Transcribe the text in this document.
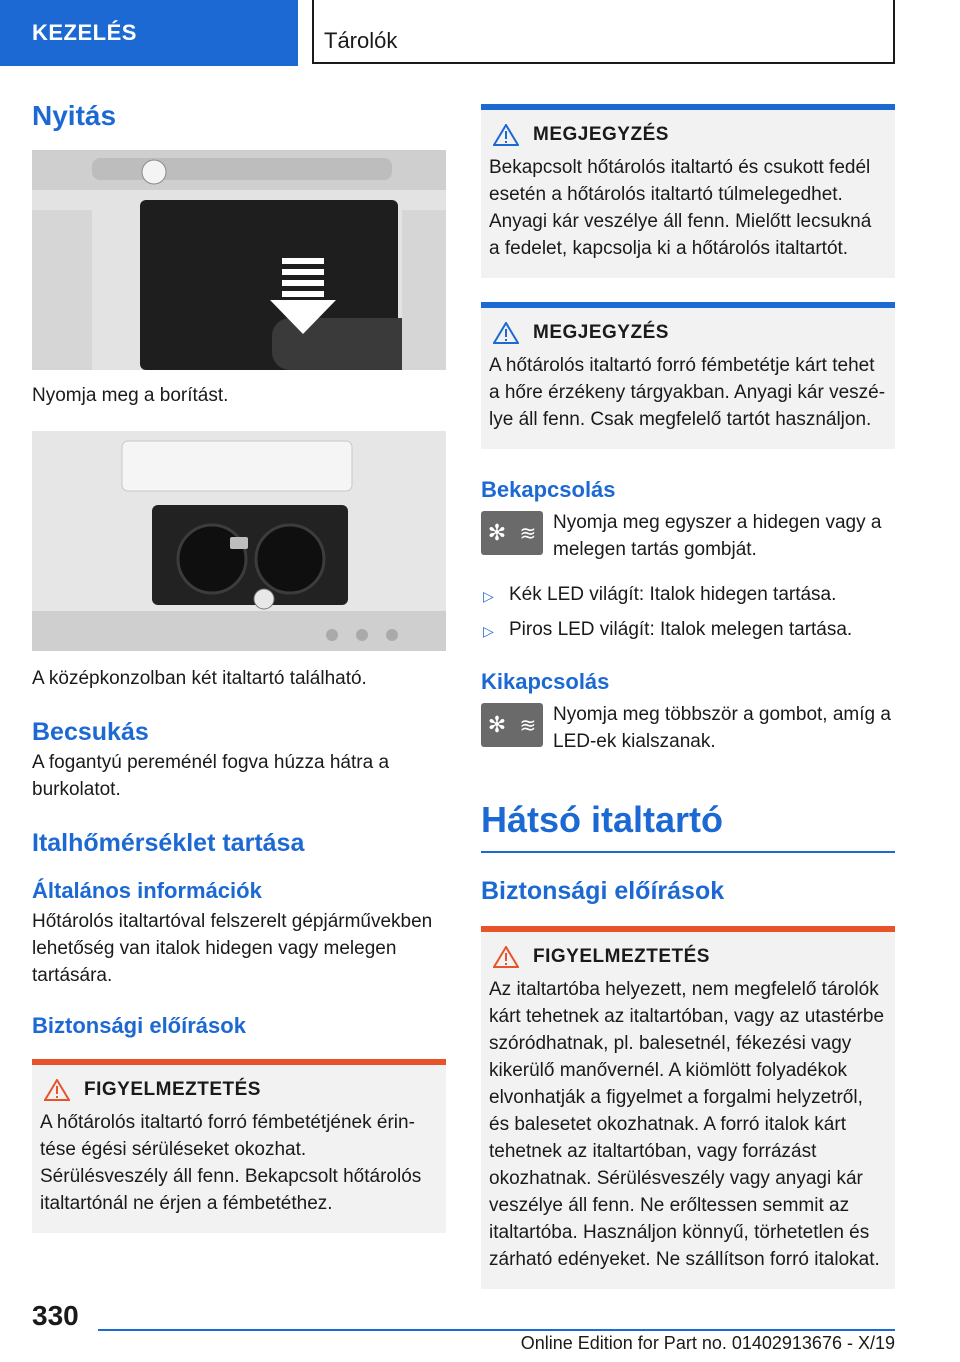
KEZELÉS	Tárolók
Nyitás

Nyomja meg a borítást.

A középkonzolban két italtartó található.

Becsukás

A fogantyú pereménél fogva húzza hátra a burkolatot.

Italhőmérséklet tartása
Általános információk

Hőtárolós italtartóval felszerelt gépjárművekben lehetőség van italok hidegen vagy melegen tartására.

Biztonsági előírások
FIGYELMEZTETÉS

A hőtárolós italtartó forró fémbetétjének érintése égési sérüléseket okozhat. Sérülésveszély áll fenn. Bekapcsolt hőtárolós italtartónál ne érjen a fémbetéthez.

MEGJEGYZÉS

Bekapcsolt hőtárolós italtartó és csukott fedél esetén a hőtárolós italtartó túlmelegedhet. Anyagi kár veszélye áll fenn. Mielőtt lecsukná a fedelet, kapcsolja ki a hőtárolós italtartót.

MEGJEGYZÉS

A hőtárolós italtartó forró fémbetétje kárt tehet a hőre érzékeny tárgyakban. Anyagi kár veszélye áll fenn. Csak megfelelő tartót használjon.

Bekapcsolás
✻ ≋ Nyomja meg egyszer a hidegen vagy a melegen tartás gombját.

▷ Kék LED világít: Italok hidegen tartása.
▷ Piros LED világít: Italok melegen tartása.
Kikapcsolás
✻ ≋ Nyomja meg többször a gombot, amíg a LED-ek kialszanak.

Hátsó italtartó
Biztonsági előírások
FIGYELMEZTETÉS

Az italtartóba helyezett, nem megfelelő tárolók kárt tehetnek az italtartóban, vagy az utastérbe szóródhatnak, pl. balesetnél, fékezési vagy kikerülő manővernél. A kiömlött folyadékok elvonhatják a figyelmet a forgalmi helyzetről, és balesetet okozhatnak. A forró italok kárt tehetnek az italtartóban, vagy forrázást okozhatnak. Sérülésveszély vagy anyagi kár veszélye áll fenn. Ne erőltessen semmit az italtartóba. Használjon könnyű, törhetetlen és zárható edényeket. Ne szállítson forró italokat.

330
Online Edition for Part no. 01402913676 - X/19
